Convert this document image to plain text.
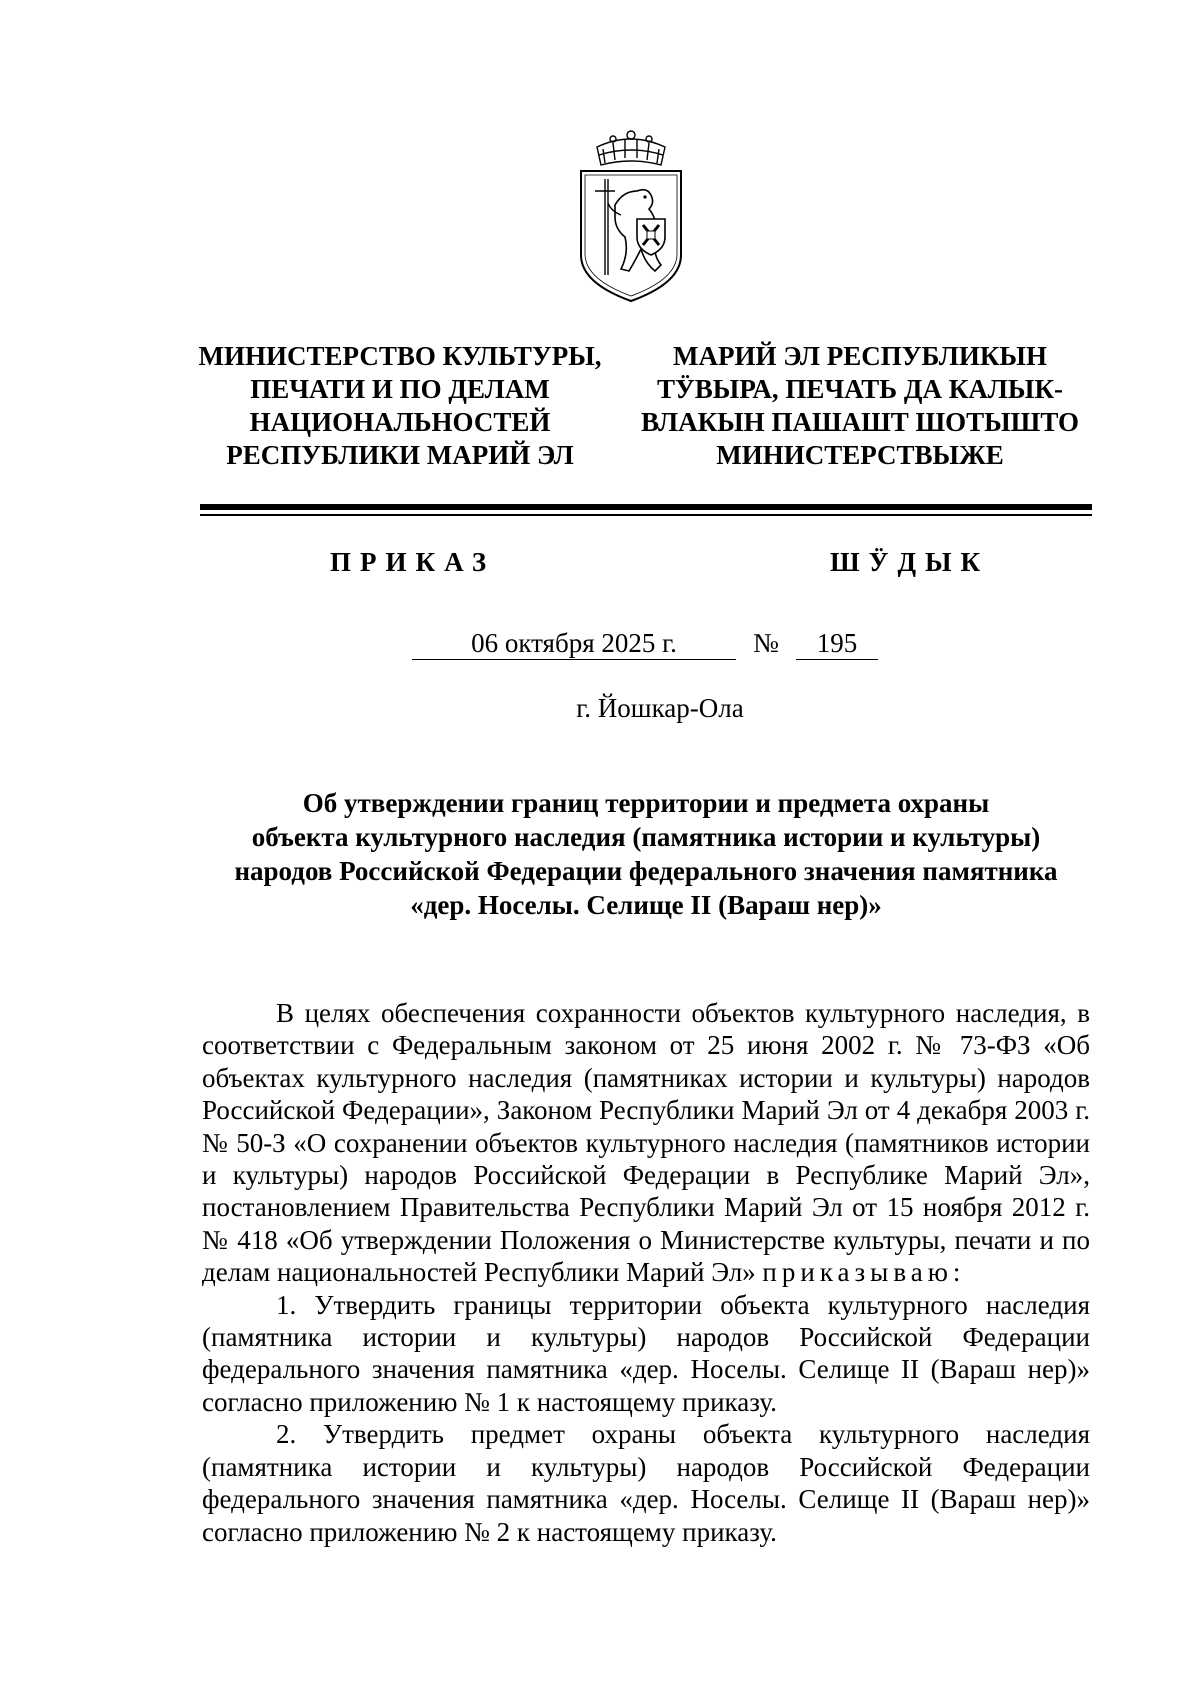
МИНИСТЕРСТВО КУЛЬТУРЫ,
ПЕЧАТИ И ПО ДЕЛАМ
НАЦИОНАЛЬНОСТЕЙ
РЕСПУБЛИКИ МАРИЙ ЭЛ
МАРИЙ ЭЛ РЕСПУБЛИКЫН
ТӰВЫРА, ПЕЧАТЬ ДА КАЛЫК-
ВЛАКЫН ПАШАШТ ШОТЫШТО
МИНИСТЕРСТВЫЖЕ
ПРИКАЗ	ШӰДЫК
06 октября 2025 г.	№	195
г. Йошкар-Ола
Об утверждении границ территории и предмета охраны
объекта культурного наследия (памятника истории и культуры)
народов Российской Федерации федерального значения памятника
«дер. Носелы. Селище II (Вараш нер)»

В целях обеспечения сохранности объектов культурного наследия, в соответствии с Федеральным законом от 25 июня 2002 г. № 73-ФЗ «Об объектах культурного наследия (памятниках истории и культуры) народов Российской Федерации», Законом Республики Марий Эл от 4 декабря 2003 г. № 50-З «О сохранении объектов культурного наследия (памятников истории и культуры) народов Российской Федерации в Республике Марий Эл», постановлением Правительства Республики Марий Эл от 15 ноября 2012 г. № 418 «Об утверждении Положения о Министерстве культуры, печати и по делам национальностей Республики Марий Эл» приказываю:

1. Утвердить границы территории объекта культурного наследия (памятника истории и культуры) народов Российской Федерации федерального значения памятника «дер. Носелы. Селище II (Вараш нер)» согласно приложению № 1 к настоящему приказу.

2. Утвердить предмет охраны объекта культурного наследия (памятника истории и культуры) народов Российской Федерации федерального значения памятника «дер. Носелы. Селище II (Вараш нер)» согласно приложению № 2 к настоящему приказу.
